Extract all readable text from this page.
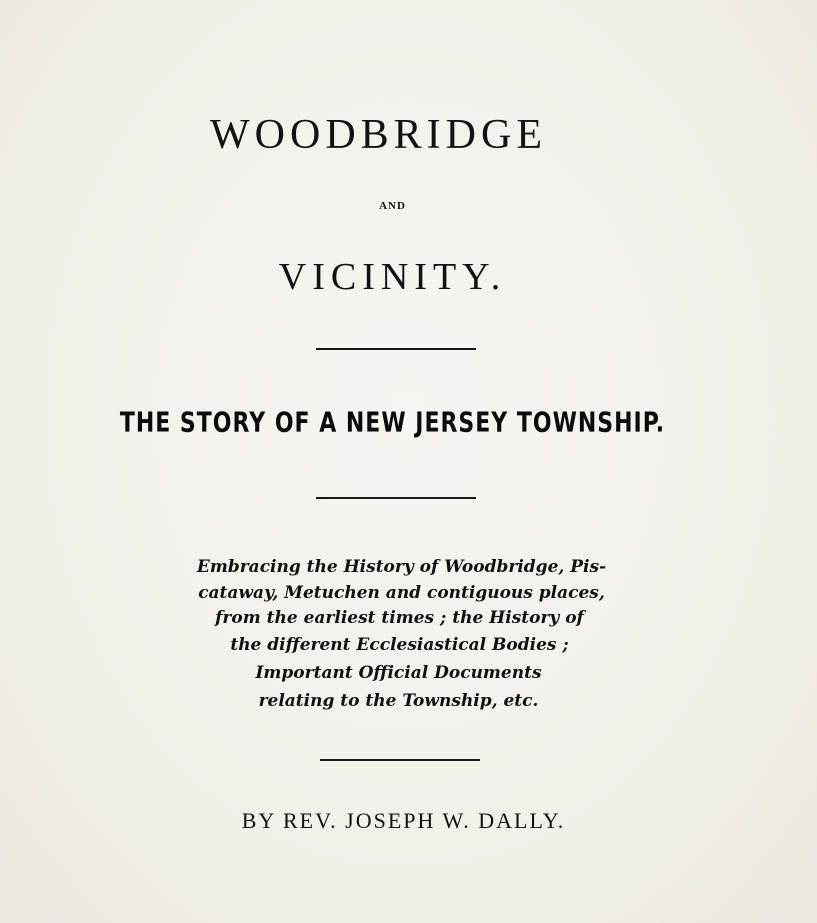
WOODBRIDGE
AND
VICINITY.
THE STORY OF A NEW JERSEY TOWNSHIP.
Embracing the History of Woodbridge, Pis-
cataway, Metuchen and contiguous places,
from the earliest times ; the History of
the different Ecclesiastical Bodies ;
Important Official Documents
relating to the Township, etc.
BY REV. JOSEPH W. DALLY.
